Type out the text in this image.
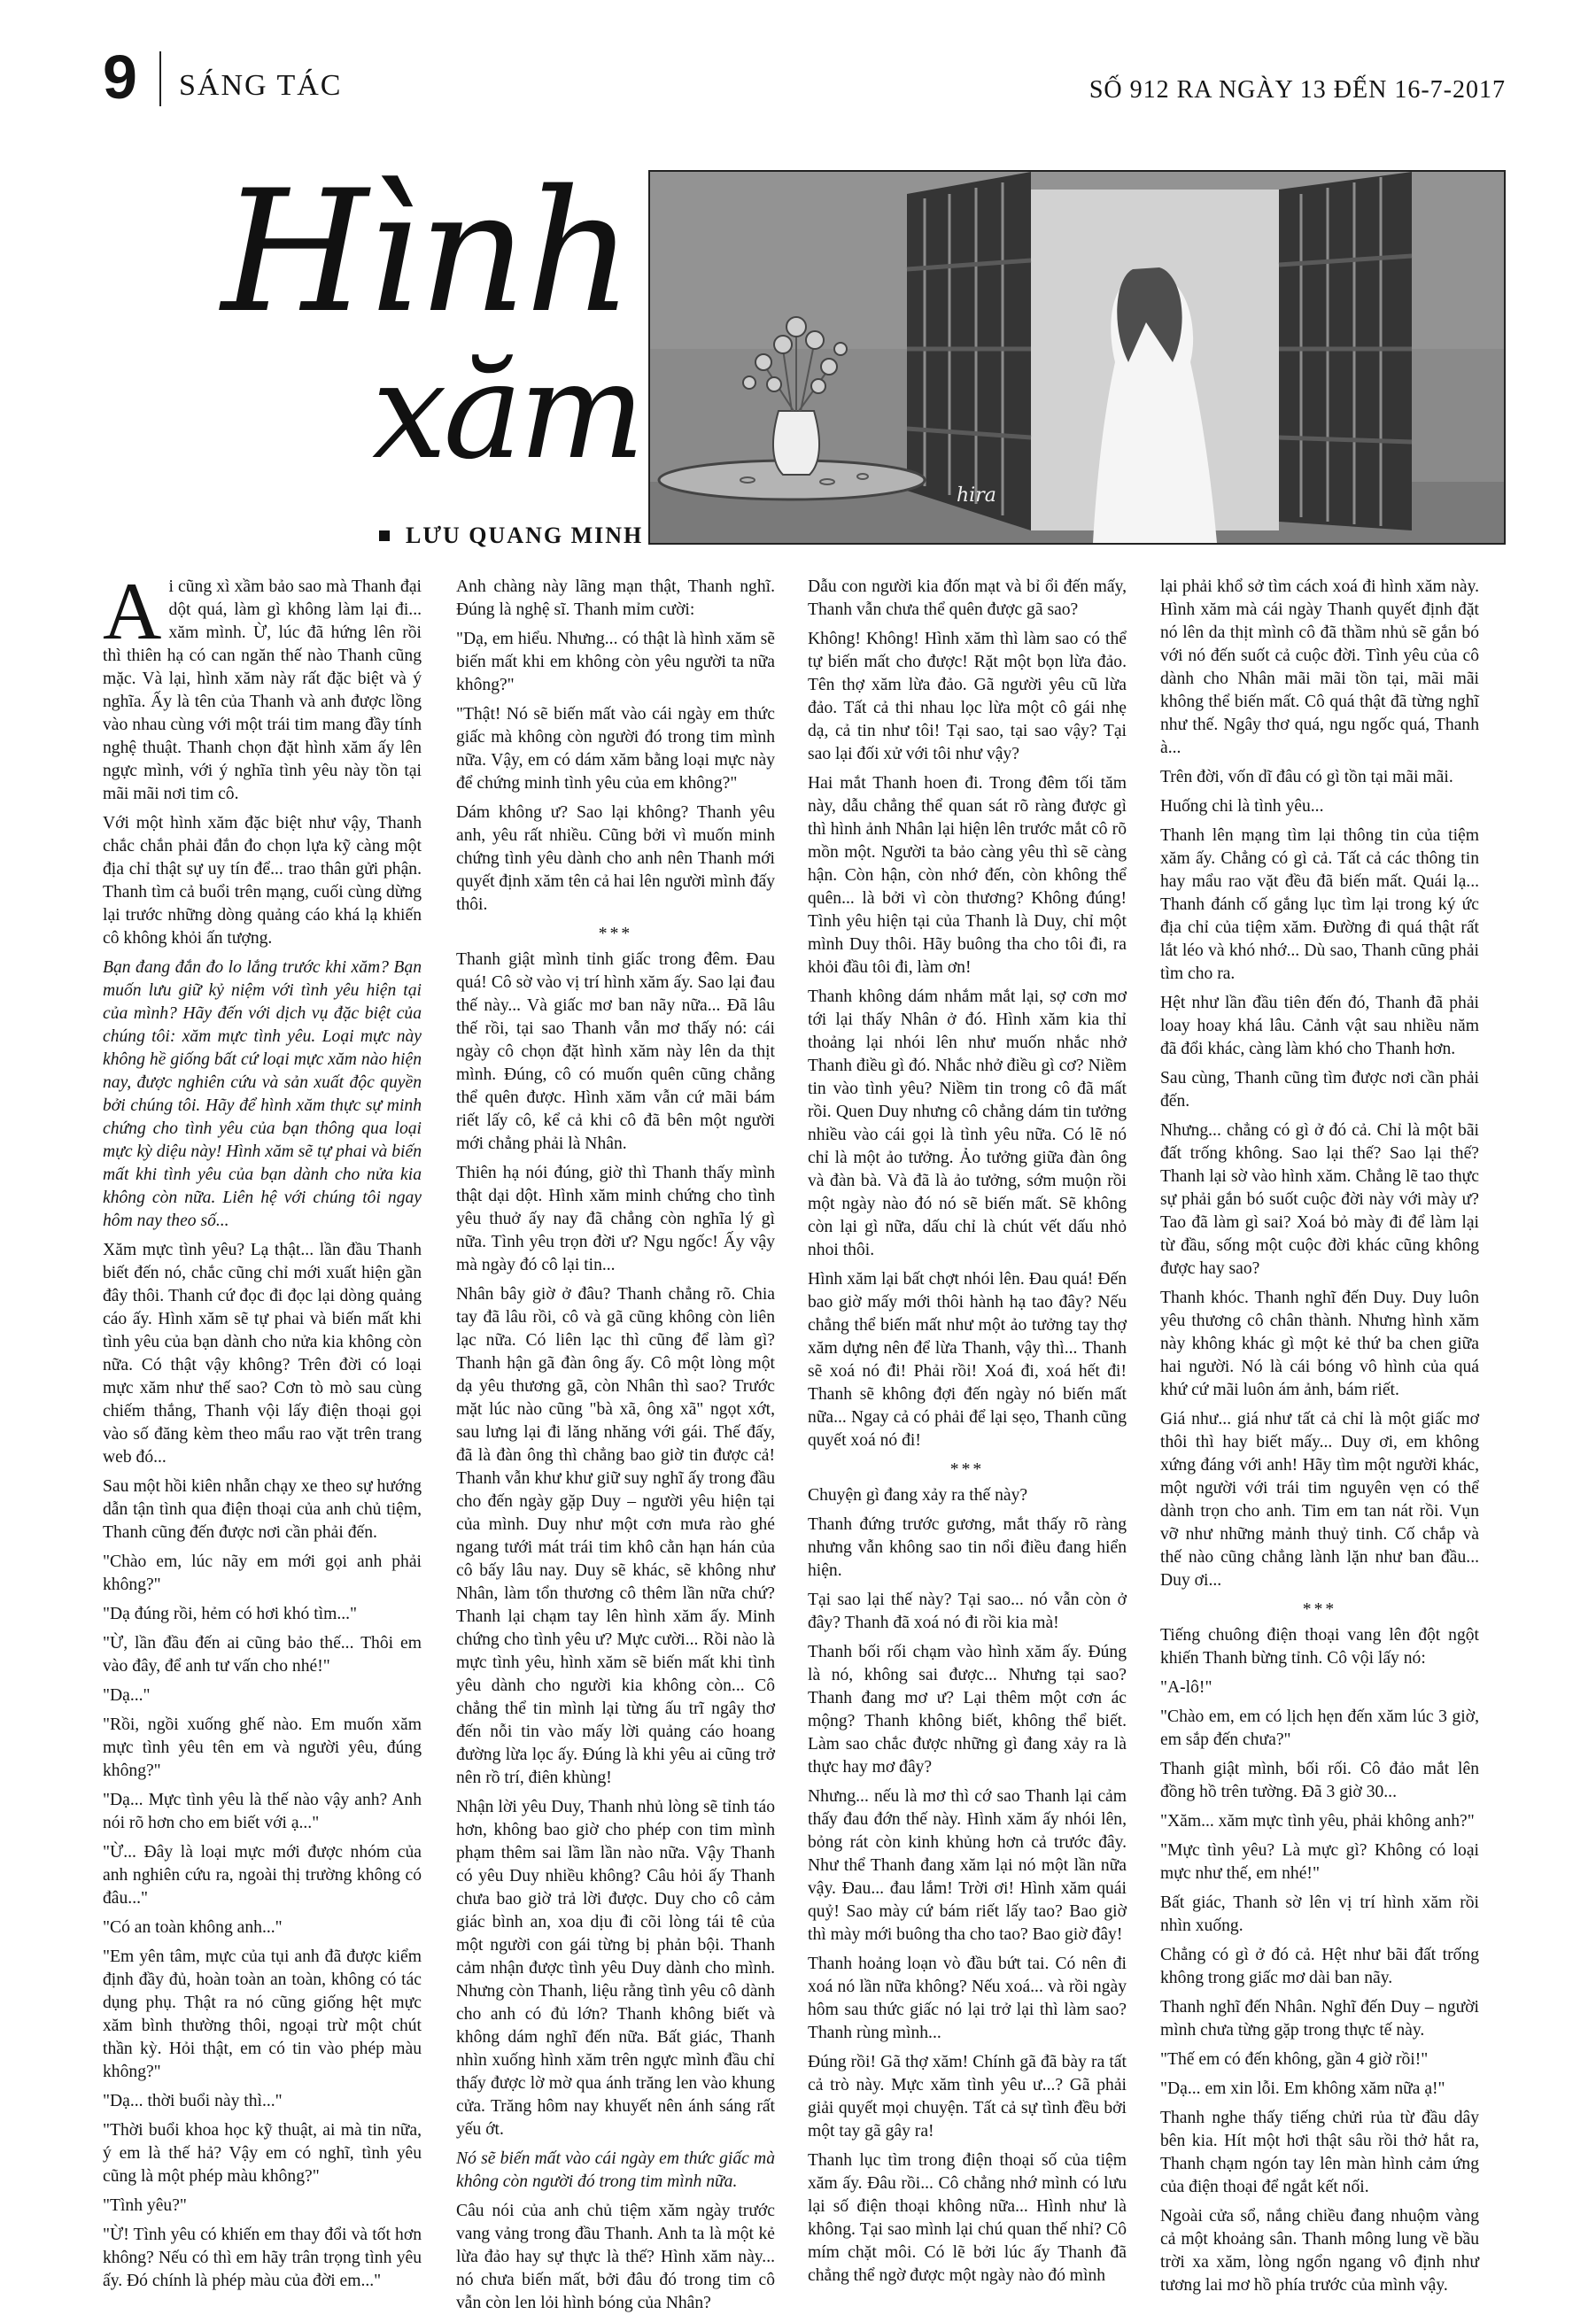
9 SÁNG TÁC	SỐ 912 RA NGÀY 13 ĐẾN 16-7-2017
Hình
xăm
LƯU QUANG MINH
hira

Ai cũng xì xầm bảo sao mà Thanh đại dột quá, làm gì không làm lại đi... xăm mình. Ừ, lúc đã hứng lên rồi thì thiên hạ có can ngăn thế nào Thanh cũng mặc. Và lại, hình xăm này rất đặc biệt và ý nghĩa. Ấy là tên của Thanh và anh được lồng vào nhau cùng với một trái tim mang đầy tính nghệ thuật. Thanh chọn đặt hình xăm ấy lên ngực mình, với ý nghĩa tình yêu này tồn tại mãi mãi nơi tim cô.

Với một hình xăm đặc biệt như vậy, Thanh chắc chắn phải đắn đo chọn lựa kỹ càng một địa chỉ thật sự uy tín để... trao thân gửi phận. Thanh tìm cả buổi trên mạng, cuối cùng dừng lại trước những dòng quảng cáo khá lạ khiến cô không khỏi ấn tượng.

Bạn đang đắn đo lo lắng trước khi xăm? Bạn muốn lưu giữ kỷ niệm với tình yêu hiện tại của mình? Hãy đến với dịch vụ đặc biệt của chúng tôi: xăm mực tình yêu. Loại mực này không hề giống bất cứ loại mực xăm nào hiện nay, được nghiên cứu và sản xuất độc quyền bởi chúng tôi. Hãy để hình xăm thực sự minh chứng cho tình yêu của bạn thông qua loại mực kỳ diệu này! Hình xăm sẽ tự phai và biến mất khi tình yêu của bạn dành cho nửa kia không còn nữa. Liên hệ với chúng tôi ngay hôm nay theo số...

Xăm mực tình yêu? Lạ thật... lần đầu Thanh biết đến nó, chắc cũng chỉ mới xuất hiện gần đây thôi. Thanh cứ đọc đi đọc lại dòng quảng cáo ấy. Hình xăm sẽ tự phai và biến mất khi tình yêu của bạn dành cho nửa kia không còn nữa. Có thật vậy không? Trên đời có loại mực xăm như thế sao? Cơn tò mò sau cùng chiếm thắng, Thanh vội lấy điện thoại gọi vào số đăng kèm theo mẩu rao vặt trên trang web đó...

Sau một hồi kiên nhẫn chạy xe theo sự hướng dẫn tận tình qua điện thoại của anh chủ tiệm, Thanh cũng đến được nơi cần phải đến.

"Chào em, lúc nãy em mới gọi anh phải không?"

"Dạ đúng rồi, hẻm có hơi khó tìm..."

"Ừ, lần đầu đến ai cũng bảo thế... Thôi em vào đây, để anh tư vấn cho nhé!"

"Dạ..."

"Rồi, ngồi xuống ghế nào. Em muốn xăm mực tình yêu tên em và người yêu, đúng không?"

"Dạ... Mực tình yêu là thế nào vậy anh? Anh nói rõ hơn cho em biết với ạ..."

"Ừ... Đây là loại mực mới được nhóm của anh nghiên cứu ra, ngoài thị trường không có đâu..."

"Có an toàn không anh..."

"Em yên tâm, mực của tụi anh đã được kiểm định đầy đủ, hoàn toàn an toàn, không có tác dụng phụ. Thật ra nó cũng giống hệt mực xăm bình thường thôi, ngoại trừ một chút thần kỳ. Hỏi thật, em có tin vào phép màu không?"

"Dạ... thời buổi này thì..."

"Thời buổi khoa học kỹ thuật, ai mà tin nữa, ý em là thế hả? Vậy em có nghĩ, tình yêu cũng là một phép màu không?"

"Tình yêu?"

"Ừ! Tình yêu có khiến em thay đổi và tốt hơn không? Nếu có thì em hãy trân trọng tình yêu ấy. Đó chính là phép màu của đời em..."

Anh chàng này lãng mạn thật, Thanh nghĩ. Đúng là nghệ sĩ. Thanh mỉm cười:

"Dạ, em hiểu. Nhưng... có thật là hình xăm sẽ biến mất khi em không còn yêu người ta nữa không?"

"Thật! Nó sẽ biến mất vào cái ngày em thức giấc mà không còn người đó trong tim mình nữa. Vậy, em có dám xăm bằng loại mực này để chứng minh tình yêu của em không?"

Dám không ư? Sao lại không? Thanh yêu anh, yêu rất nhiều. Cũng bởi vì muốn minh chứng tình yêu dành cho anh nên Thanh mới quyết định xăm tên cả hai lên người mình đấy thôi.

***

Thanh giật mình tỉnh giấc trong đêm. Đau quá! Cô sờ vào vị trí hình xăm ấy. Sao lại đau thế này... Và giấc mơ ban nãy nữa... Đã lâu thế rồi, tại sao Thanh vẫn mơ thấy nó: cái ngày cô chọn đặt hình xăm này lên da thịt mình. Đúng, cô có muốn quên cũng chẳng thể quên được. Hình xăm vẫn cứ mãi bám riết lấy cô, kể cả khi cô đã bên một người mới chẳng phải là Nhân.

Thiên hạ nói đúng, giờ thì Thanh thấy mình thật dại dột. Hình xăm minh chứng cho tình yêu thuở ấy nay đã chẳng còn nghĩa lý gì nữa. Tình yêu trọn đời ư? Ngu ngốc! Ấy vậy mà ngày đó cô lại tin...

Nhân bây giờ ở đâu? Thanh chẳng rõ. Chia tay đã lâu rồi, cô và gã cũng không còn liên lạc nữa. Có liên lạc thì cũng để làm gì? Thanh hận gã đàn ông ấy. Cô một lòng một dạ yêu thương gã, còn Nhân thì sao? Trước mặt lúc nào cũng "bà xã, ông xã" ngọt xớt, sau lưng lại đi lăng nhăng với gái. Thế đấy, đã là đàn ông thì chẳng bao giờ tin được cả! Thanh vẫn khư khư giữ suy nghĩ ấy trong đầu cho đến ngày gặp Duy – người yêu hiện tại của mình. Duy như một cơn mưa rào ghé ngang tưới mát trái tim khô cằn hạn hán của cô bấy lâu nay. Duy sẽ khác, sẽ không như Nhân, làm tổn thương cô thêm lần nữa chứ? Thanh lại chạm tay lên hình xăm ấy. Minh chứng cho tình yêu ư? Mực cười... Rồi nào là mực tình yêu, hình xăm sẽ biến mất khi tình yêu dành cho người kia không còn... Cô chẳng thể tin mình lại từng ấu trĩ ngây thơ đến nỗi tin vào mấy lời quảng cáo hoang đường lừa lọc ấy. Đúng là khi yêu ai cũng trở nên rồ trí, điên khùng!

Nhận lời yêu Duy, Thanh nhủ lòng sẽ tỉnh táo hơn, không bao giờ cho phép con tim mình phạm thêm sai lầm lần nào nữa. Vậy Thanh có yêu Duy nhiều không? Câu hỏi ấy Thanh chưa bao giờ trả lời được. Duy cho cô cảm giác bình an, xoa dịu đi cõi lòng tái tê của một người con gái từng bị phản bội. Thanh cảm nhận được tình yêu Duy dành cho mình. Nhưng còn Thanh, liệu rằng tình yêu cô dành cho anh có đủ lớn? Thanh không biết và không dám nghĩ đến nữa. Bất giác, Thanh nhìn xuống hình xăm trên ngực mình đầu chỉ thấy được lờ mờ qua ánh trăng len vào khung cửa. Trăng hôm nay khuyết nên ánh sáng rất yếu ớt.

Nó sẽ biến mất vào cái ngày em thức giấc mà không còn người đó trong tim mình nữa.

Câu nói của anh chủ tiệm xăm ngày trước vang vảng trong đầu Thanh. Anh ta là một kẻ lừa đảo hay sự thực là thế? Hình xăm này... nó chưa biến mất, bởi đâu đó trong tim cô vẫn còn len lỏi hình bóng của Nhân?

Dẫu con người kia đốn mạt và bỉ ổi đến mấy, Thanh vẫn chưa thể quên được gã sao?

Không! Không! Hình xăm thì làm sao có thể tự biến mất cho được! Rặt một bọn lừa đảo. Tên thợ xăm lừa đảo. Gã người yêu cũ lừa đảo. Tất cả thi nhau lọc lừa một cô gái nhẹ dạ, cả tin như tôi! Tại sao, tại sao vậy? Tại sao lại đối xử với tôi như vậy?

Hai mắt Thanh hoen đi. Trong đêm tối tăm này, dẫu chẳng thể quan sát rõ ràng được gì thì hình ảnh Nhân lại hiện lên trước mắt cô rõ mồn một. Người ta bảo càng yêu thì sẽ càng hận. Còn hận, còn nhớ đến, còn không thể quên... là bởi vì còn thương? Không đúng! Tình yêu hiện tại của Thanh là Duy, chỉ một mình Duy thôi. Hãy buông tha cho tôi đi, ra khỏi đầu tôi đi, làm ơn!

Thanh không dám nhắm mắt lại, sợ cơn mơ tới lại thấy Nhân ở đó. Hình xăm kia thỉ thoảng lại nhói lên như muốn nhắc nhở Thanh điều gì đó. Nhắc nhở điều gì cơ? Niềm tin vào tình yêu? Niềm tin trong cô đã mất rồi. Quen Duy nhưng cô chẳng dám tin tưởng nhiều vào cái gọi là tình yêu nữa. Có lẽ nó chỉ là một ảo tưởng. Ảo tưởng giữa đàn ông và đàn bà. Và đã là ảo tưởng, sớm muộn rồi một ngày nào đó nó sẽ biến mất. Sẽ không còn lại gì nữa, dấu chỉ là chút vết dấu nhỏ nhoi thôi.

Hình xăm lại bất chợt nhói lên. Đau quá! Đến bao giờ mấy mới thôi hành hạ tao đây? Nếu chẳng thể biến mất như một ảo tưởng tay thợ xăm dựng nên để lừa Thanh, vậy thì... Thanh sẽ xoá nó đi! Phải rồi! Xoá đi, xoá hết đi! Thanh sẽ không đợi đến ngày nó biến mất nữa... Ngay cả có phải để lại sẹo, Thanh cũng quyết xoá nó đi!

***

Chuyện gì đang xảy ra thế này?

Thanh đứng trước gương, mắt thấy rõ ràng nhưng vẫn không sao tin nổi điều đang hiển hiện.

Tại sao lại thế này? Tại sao... nó vẫn còn ở đây? Thanh đã xoá nó đi rồi kia mà!

Thanh bối rối chạm vào hình xăm ấy. Đúng là nó, không sai được... Nhưng tại sao? Thanh đang mơ ư? Lại thêm một cơn ác mộng? Thanh không biết, không thể biết. Làm sao chắc được những gì đang xảy ra là thực hay mơ đây?

Nhưng... nếu là mơ thì cớ sao Thanh lại cảm thấy đau đớn thế này. Hình xăm ấy nhói lên, bỏng rát còn kinh khủng hơn cả trước đây. Như thể Thanh đang xăm lại nó một lần nữa vậy. Đau... đau lắm! Trời ơi! Hình xăm quái quỷ! Sao mày cứ bám riết lấy tao? Bao giờ thì mày mới buông tha cho tao? Bao giờ đây!

Thanh hoảng loạn vò đầu bứt tai. Có nên đi xoá nó lần nữa không? Nếu xoá... và rồi ngày hôm sau thức giấc nó lại trở lại thì làm sao? Thanh rùng mình...

Đúng rồi! Gã thợ xăm! Chính gã đã bày ra tất cả trò này. Mực xăm tình yêu ư...? Gã phải giải quyết mọi chuyện. Tất cả sự tình đều bởi một tay gã gây ra!

Thanh lục tìm trong điện thoại số của tiệm xăm ấy. Đâu rồi... Cô chẳng nhớ mình có lưu lại số điện thoại không nữa... Hình như là không. Tại sao mình lại chú quan thế nhỉ? Cô mím chặt môi. Có lẽ bởi lúc ấy Thanh đã chẳng thể ngờ được một ngày nào đó mình

lại phải khổ sở tìm cách xoá đi hình xăm này. Hình xăm mà cái ngày Thanh quyết định đặt nó lên da thịt mình cô đã thầm nhủ sẽ gắn bó với nó đến suốt cả cuộc đời. Tình yêu của cô dành cho Nhân mãi mãi tồn tại, mãi mãi không thể biến mất. Cô quá thật đã từng nghĩ như thế. Ngây thơ quá, ngu ngốc quá, Thanh à...

Trên đời, vốn dĩ đâu có gì tồn tại mãi mãi.

Huống chi là tình yêu...

Thanh lên mạng tìm lại thông tin của tiệm xăm ấy. Chẳng có gì cả. Tất cả các thông tin hay mẩu rao vặt đều đã biến mất. Quái lạ... Thanh đánh cố gắng lục tìm lại trong ký ức địa chỉ của tiệm xăm. Đường đi quá thật rất lắt léo và khó nhớ... Dù sao, Thanh cũng phải tìm cho ra.

Hệt như lần đầu tiên đến đó, Thanh đã phải loay hoay khá lâu. Cảnh vật sau nhiều năm đã đổi khác, càng làm khó cho Thanh hơn.

Sau cùng, Thanh cũng tìm được nơi cần phải đến.

Nhưng... chẳng có gì ở đó cả. Chỉ là một bãi đất trống không. Sao lại thế? Sao lại thế? Thanh lại sờ vào hình xăm. Chẳng lẽ tao thực sự phải gắn bó suốt cuộc đời này với mày ư? Tao đã làm gì sai? Xoá bỏ mày đi để làm lại từ đầu, sống một cuộc đời khác cũng không được hay sao?

Thanh khóc. Thanh nghĩ đến Duy. Duy luôn yêu thương cô chân thành. Nhưng hình xăm này không khác gì một kẻ thứ ba chen giữa hai người. Nó là cái bóng vô hình của quá khứ cứ mãi luôn ám ảnh, bám riết.

Giá như... giá như tất cả chỉ là một giấc mơ thôi thì hay biết mấy... Duy ơi, em không xứng đáng với anh! Hãy tìm một người khác, một người với trái tim nguyên vẹn có thể dành trọn cho anh. Tim em tan nát rồi. Vụn vỡ như những mảnh thuỷ tinh. Cố chắp và thế nào cũng chẳng lành lặn như ban đầu... Duy ơi...

***

Tiếng chuông điện thoại vang lên đột ngột khiến Thanh bừng tỉnh. Cô vội lấy nó:

"A-lô!"

"Chào em, em có lịch hẹn đến xăm lúc 3 giờ, em sắp đến chưa?"

Thanh giật mình, bối rối. Cô đảo mắt lên đồng hồ trên tường. Đã 3 giờ 30...

"Xăm... xăm mực tình yêu, phải không anh?"

"Mực tình yêu? Là mực gì? Không có loại mực như thế, em nhé!"

Bất giác, Thanh sờ lên vị trí hình xăm rồi nhìn xuống.

Chẳng có gì ở đó cả. Hệt như bãi đất trống không trong giấc mơ dài ban nãy.

Thanh nghĩ đến Nhân. Nghĩ đến Duy – người mình chưa từng gặp trong thực tế này.

"Thế em có đến không, gần 4 giờ rồi!"

"Dạ... em xin lỗi. Em không xăm nữa ạ!"

Thanh nghe thấy tiếng chửi rủa từ đầu dây bên kia. Hít một hơi thật sâu rồi thở hắt ra, Thanh chạm ngón tay lên màn hình cảm ứng của điện thoại để ngắt kết nối.

Ngoài cửa sổ, nắng chiều đang nhuộm vàng cả một khoảng sân. Thanh mông lung về bầu trời xa xăm, lòng ngổn ngang vô định như tương lai mơ hồ phía trước của mình vậy.
